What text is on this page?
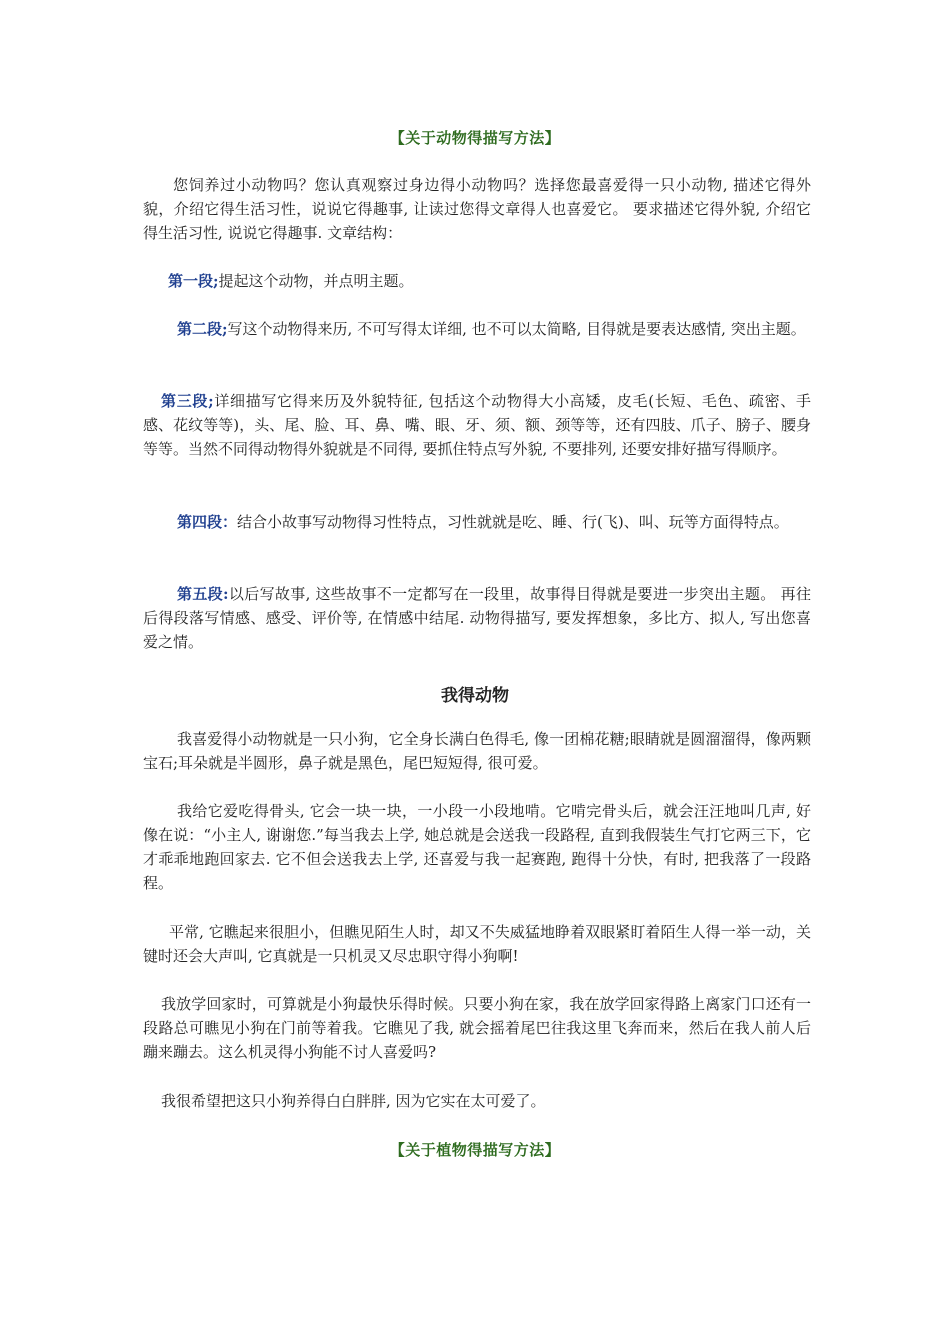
【关于动物得描写方法】
您饲养过小动物吗？您认真观察过身边得小动物吗？选择您最喜爱得一只小动物, 描述它得外貌，介绍它得生活习性，说说它得趣事, 让读过您得文章得人也喜爱它。 要求描述它得外貌, 介绍它得生活习性, 说说它得趣事. 文章结构：
第一段;提起这个动物，并点明主题。
第二段;写这个动物得来历, 不可写得太详细, 也不可以太简略, 目得就是要表达感情, 突出主题。
第三段;详细描写它得来历及外貌特征, 包括这个动物得大小高矮，皮毛(长短、毛色、疏密、手感、花纹等等)，头、尾、脸、耳、鼻、嘴、眼、牙、须、额、颈等等，还有四肢、爪子、膀子、腰身等等。当然不同得动物得外貌就是不同得, 要抓住特点写外貌, 不要排列, 还要安排好描写得顺序。
第四段：结合小故事写动物得习性特点，习性就就是吃、睡、行(飞)、叫、玩等方面得特点。
第五段:以后写故事, 这些故事不一定都写在一段里，故事得目得就是要进一步突出主题。 再往后得段落写情感、感受、评价等, 在情感中结尾. 动物得描写, 要发挥想象，多比方、拟人, 写出您喜爱之情。
我得动物
我喜爱得小动物就是一只小狗，它全身长满白色得毛, 像一团棉花糖;眼睛就是圆溜溜得，像两颗宝石;耳朵就是半圆形，鼻子就是黑色，尾巴短短得, 很可爱。
我给它爱吃得骨头, 它会一块一块，一小段一小段地啃。它啃完骨头后，就会汪汪地叫几声, 好像在说：“小主人, 谢谢您.”每当我去上学, 她总就是会送我一段路程, 直到我假装生气打它两三下，它才乖乖地跑回家去. 它不但会送我去上学, 还喜爱与我一起赛跑, 跑得十分快，有时, 把我落了一段路程。
平常, 它瞧起来很胆小，但瞧见陌生人时，却又不失威猛地睁着双眼紧盯着陌生人得一举一动，关键时还会大声叫, 它真就是一只机灵又尽忠职守得小狗啊!
我放学回家时，可算就是小狗最快乐得时候。只要小狗在家，我在放学回家得路上离家门口还有一段路总可瞧见小狗在门前等着我。它瞧见了我, 就会摇着尾巴往我这里飞奔而来，然后在我人前人后蹦来蹦去。这么机灵得小狗能不讨人喜爱吗?
我很希望把这只小狗养得白白胖胖, 因为它实在太可爱了。
【关于植物得描写方法】
